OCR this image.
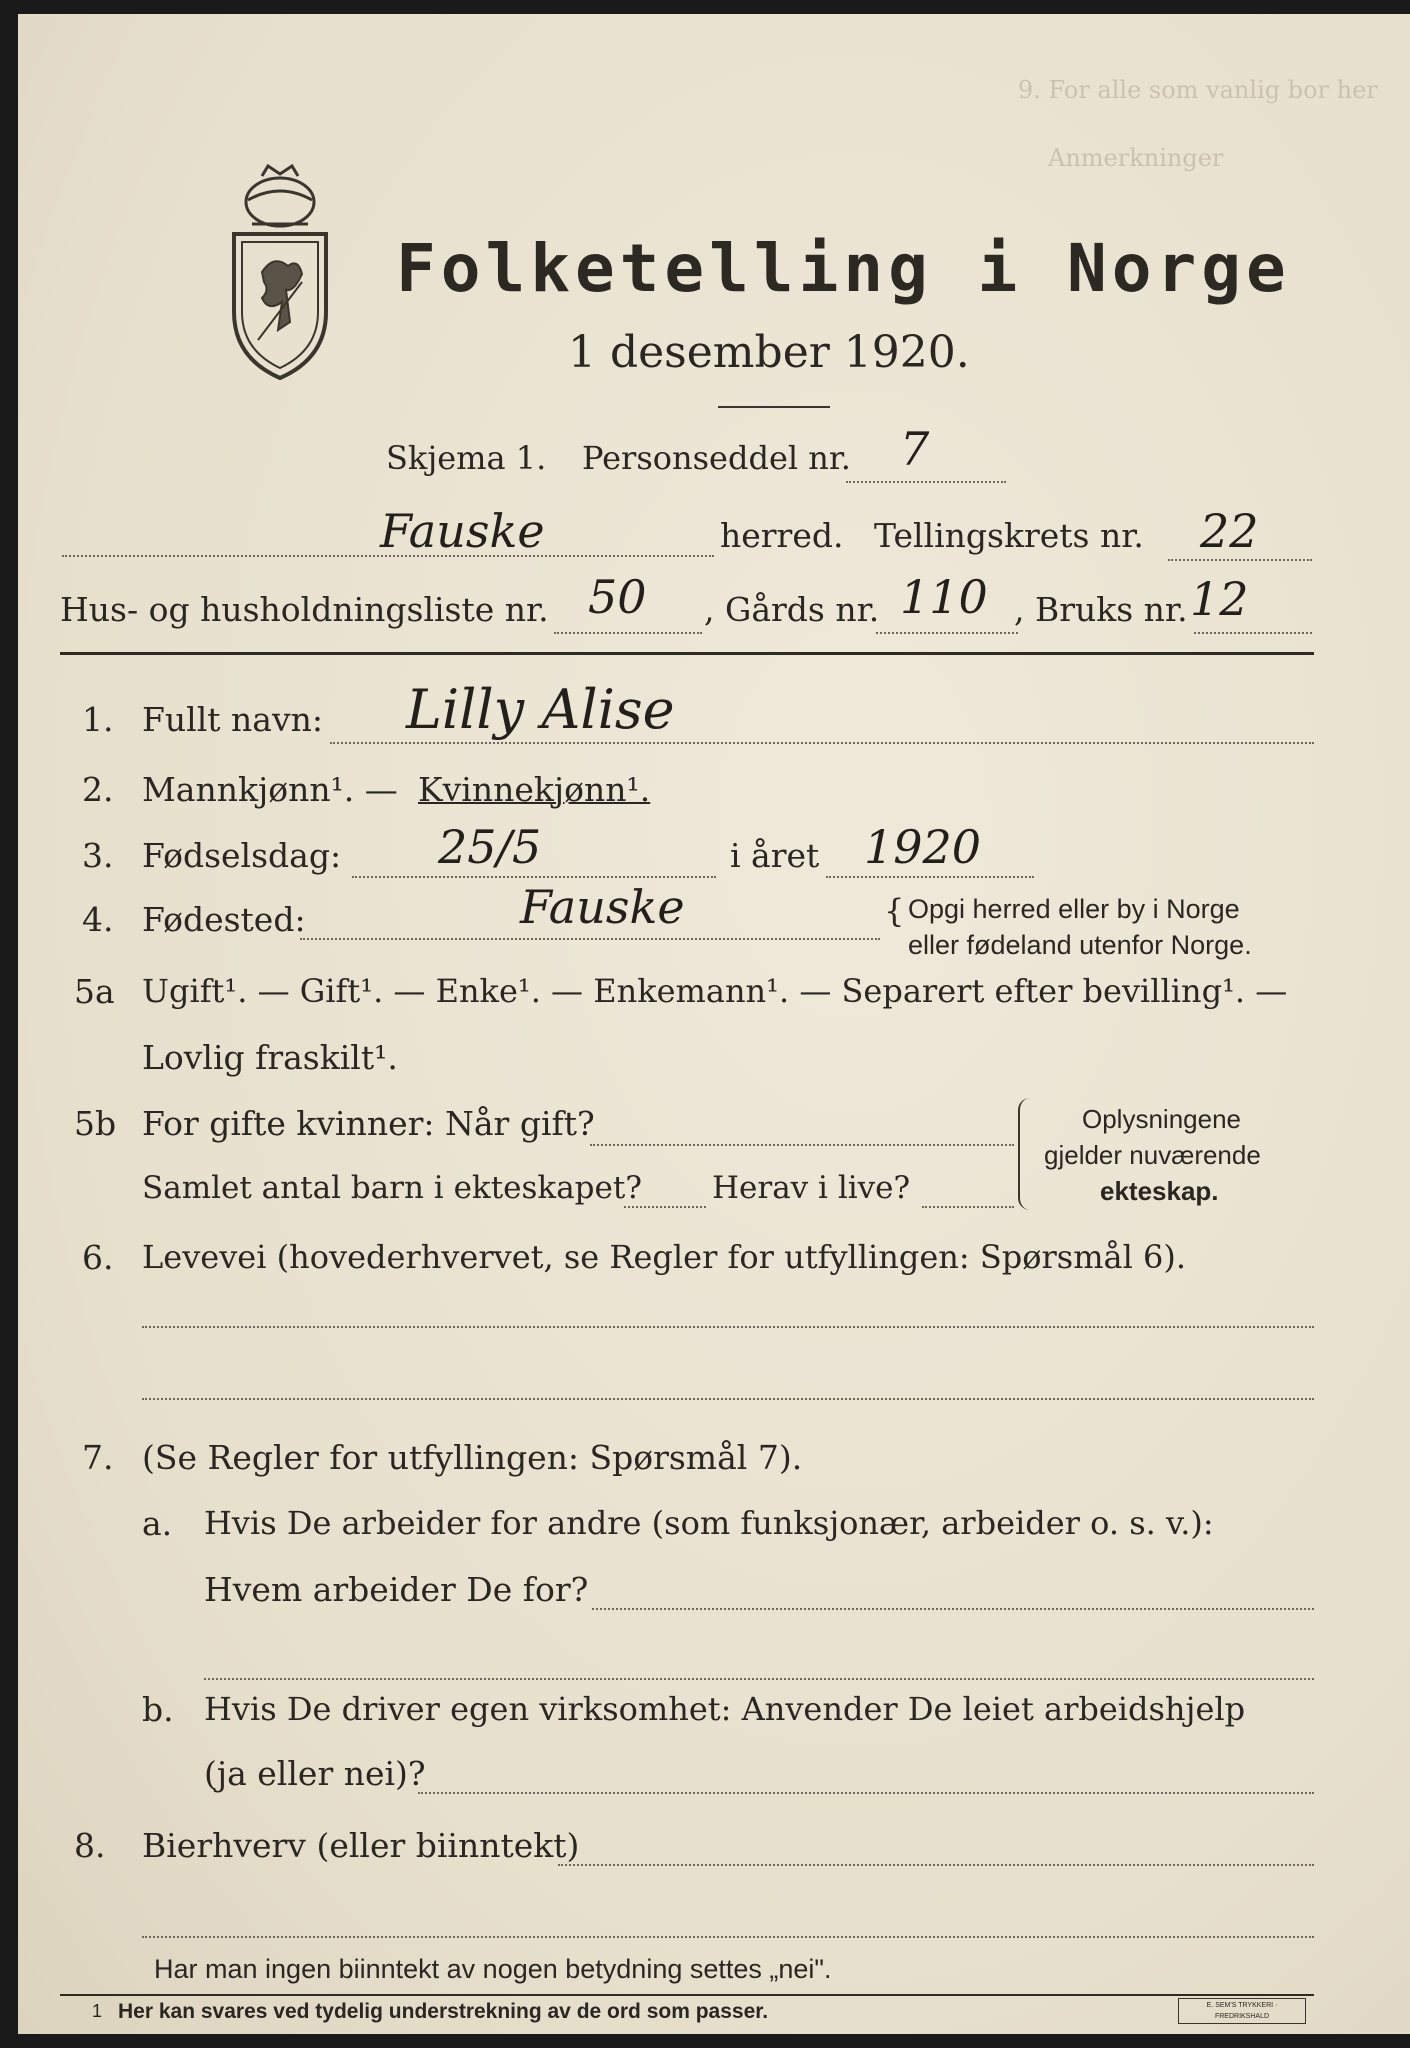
9. For alle som vanlig bor her
Anmerkninger
Folketelling i Norge
1 desember 1920.
Skjema 1. Personseddel nr. 7
Fauske	herred. Tellingskrets nr. 22
Hus- og husholdningsliste nr. 50 , Gårds nr. 110 , Bruks nr. 12
1. Fullt navn: Lilly Alise
2. Mannkjønn¹. — Kvinnekjønn¹.
3. Fødselsdag: 25/5	i året 1920
4. Fødested:	Fauske	{ Opgi herred eller by i Norge
eller fødeland utenfor Norge.
5a Ugift¹. — Gift¹. — Enke¹. — Enkemann¹. — Separert efter bevilling¹. —
Lovlig fraskilt¹.
5b For gifte kvinner: Når gift?
Samlet antal barn i ekteskapet? Herav i live?
Oplysningene
gjelder nuværende
ekteskap.
6. Levevei (hovederhvervet, se Regler for utfyllingen: Spørsmål 6).
7. (Se Regler for utfyllingen: Spørsmål 7).
a. Hvis De arbeider for andre (som funksjonær, arbeider o. s. v.):
Hvem arbeider De for?
b. Hvis De driver egen virksomhet: Anvender De leiet arbeidshjelp
(ja eller nei)?
8. Bierhverv (eller biinntekt)
Har man ingen biinntekt av nogen betydning settes „nei".
1 Her kan svares ved tydelig understrekning av de ord som passer.	E. SEM'S TRYKKERI · FREDRIKSHALD
